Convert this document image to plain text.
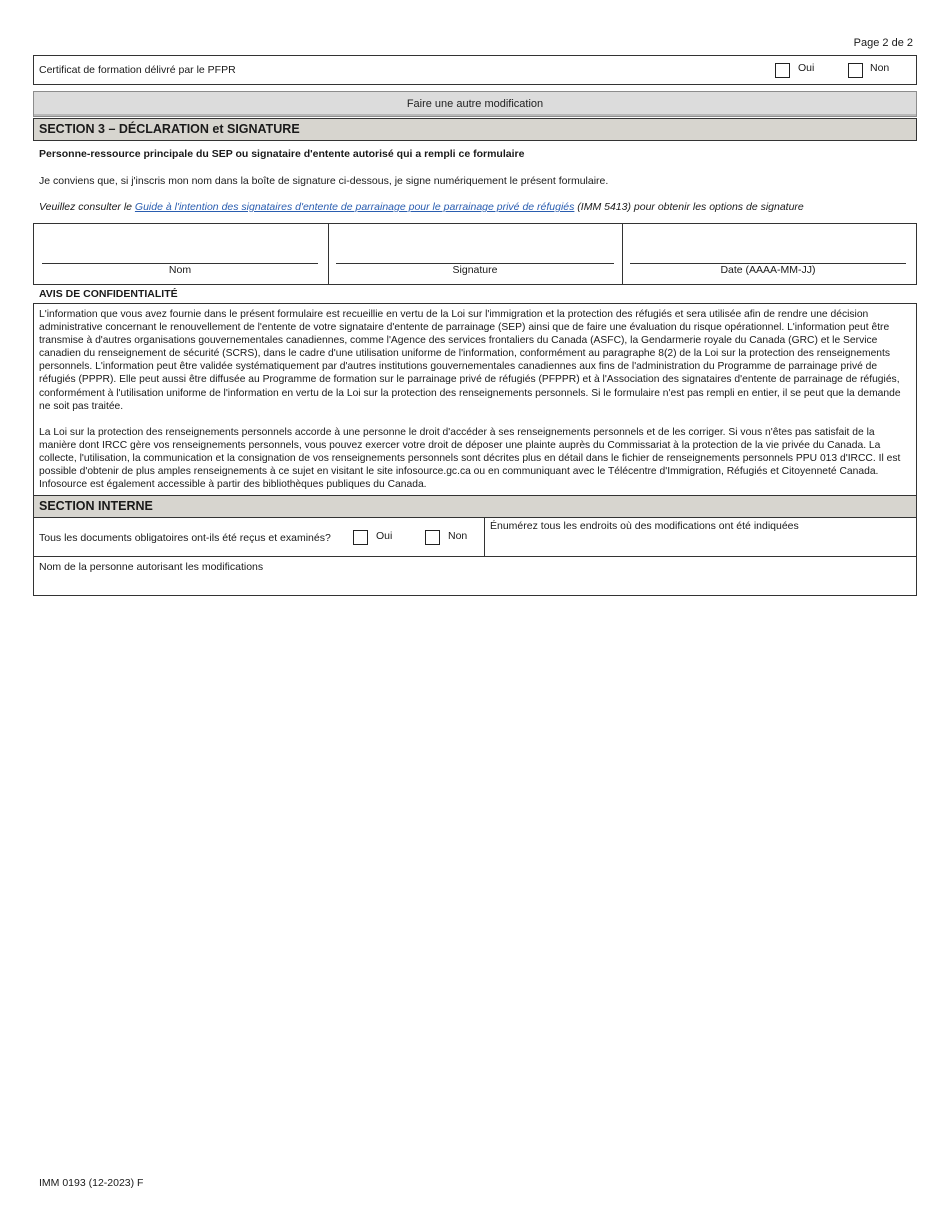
Page 2 de 2
Certificat de formation délivré par le PFPR	Oui	Non
Faire une autre modification
SECTION 3 – DÉCLARATION et SIGNATURE
Personne-ressource principale du SEP ou signataire d'entente autorisé qui a rempli ce formulaire
Je conviens que, si j'inscris mon nom dans la boîte de signature ci-dessous, je signe numériquement le présent formulaire.
Veuillez consulter le Guide à l'intention des signataires d'entente de parrainage pour le parrainage privé de réfugiés (IMM 5413) pour obtenir les options de signature
Nom	Signature	Date (AAAA-MM-JJ)
AVIS DE CONFIDENTIALITÉ

L'information que vous avez fournie dans le présent formulaire est recueillie en vertu de la Loi sur l'immigration et la protection des réfugiés et sera utilisée afin de rendre une décision administrative concernant le renouvellement de l'entente de votre signataire d'entente de parrainage (SEP) ainsi que de faire une évaluation du risque opérationnel. L'information peut être transmise à d'autres organisations gouvernementales canadiennes, comme l'Agence des services frontaliers du Canada (ASFC), la Gendarmerie royale du Canada (GRC) et le Service canadien du renseignement de sécurité (SCRS), dans le cadre d'une utilisation uniforme de l'information, conformément au paragraphe 8(2) de la Loi sur la protection des renseignements personnels. L'information peut être validée systématiquement par d'autres institutions gouvernementales canadiennes aux fins de l'administration du Programme de parrainage privé de réfugiés (PPPR). Elle peut aussi être diffusée au Programme de formation sur le parrainage privé de réfugiés (PFPPR) et à l'Association des signataires d'entente de parrainage de réfugiés, conformément à l'utilisation uniforme de l'information en vertu de la Loi sur la protection des renseignements personnels. Si le formulaire n'est pas rempli en entier, il se peut que la demande ne soit pas traitée.

La Loi sur la protection des renseignements personnels accorde à une personne le droit d'accéder à ses renseignements personnels et de les corriger. Si vous n'êtes pas satisfait de la manière dont IRCC gère vos renseignements personnels, vous pouvez exercer votre droit de déposer une plainte auprès du Commissariat à la protection de la vie privée du Canada. La collecte, l'utilisation, la communication et la consignation de vos renseignements personnels sont décrites plus en détail dans le fichier de renseignements personnels PPU 013 d'IRCC. Il est possible d'obtenir de plus amples renseignements à ce sujet en visitant le site infosource.gc.ca ou en communiquant avec le Télécentre d'Immigration, Réfugiés et Citoyenneté Canada. Infosource est également accessible à partir des bibliothèques publiques du Canada.

SECTION INTERNE
Tous les documents obligatoires ont-ils été reçus et examinés?	Oui	Non
Énumérez tous les endroits où des modifications ont été indiquées
Nom de la personne autorisant les modifications
IMM 0193 (12-2023) F
